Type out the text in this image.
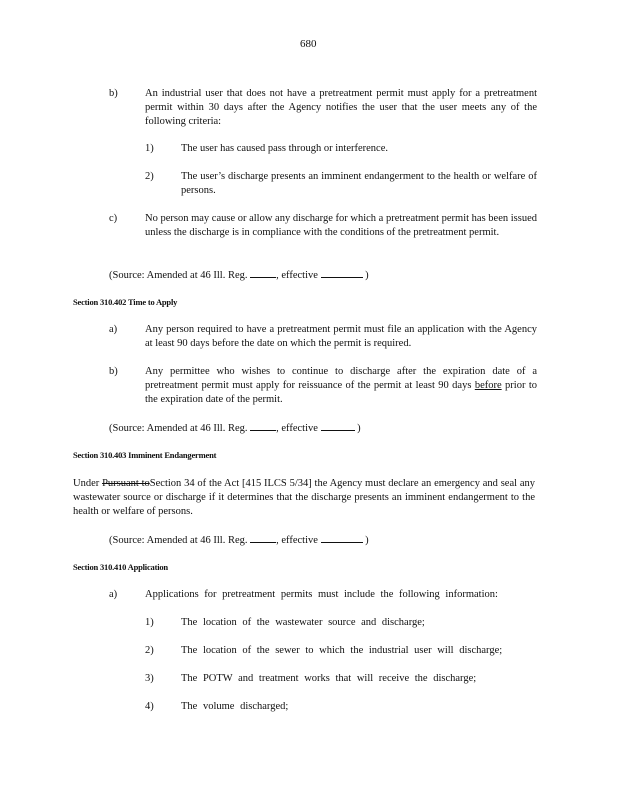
680
b)	An industrial user that does not have a pretreatment permit must apply for a pretreatment permit within 30 days after the Agency notifies the user that the user meets any of the following criteria:
1)	The user has caused pass through or interference.
2)	The user’s discharge presents an imminent endangerment to the health or welfare of persons.
c)	No person may cause or allow any discharge for which a pretreatment permit has been issued unless the discharge is in compliance with the conditions of the pretreatment permit.
(Source: Amended at 46 Ill. Reg.	, effective	)
Section 310.402 Time to Apply
a)	Any person required to have a pretreatment permit must file an application with the Agency at least 90 days before the date on which the permit is required.
b)	Any permittee who wishes to continue to discharge after the expiration date of a pretreatment permit must apply for reissuance of the permit at least 90 days before prior to the expiration date of the permit.
(Source: Amended at 46 Ill. Reg.	, effective	)
Section 310.403 Imminent Endangerment
Under Pursuant toSection 34 of the Act [415 ILCS 5/34] the Agency must declare an emergency and seal any wastewater source or discharge if it determines that the discharge presents an imminent endangerment to the health or welfare of persons.
(Source: Amended at 46 Ill. Reg.	, effective	)
Section 310.410 Application
a)	Applications for pretreatment permits must include the following information:
1)	The location of the wastewater source and discharge;
2)	The location of the sewer to which the industrial user will discharge;
3)	The POTW and treatment works that will receive the discharge;
4)	The volume discharged;
